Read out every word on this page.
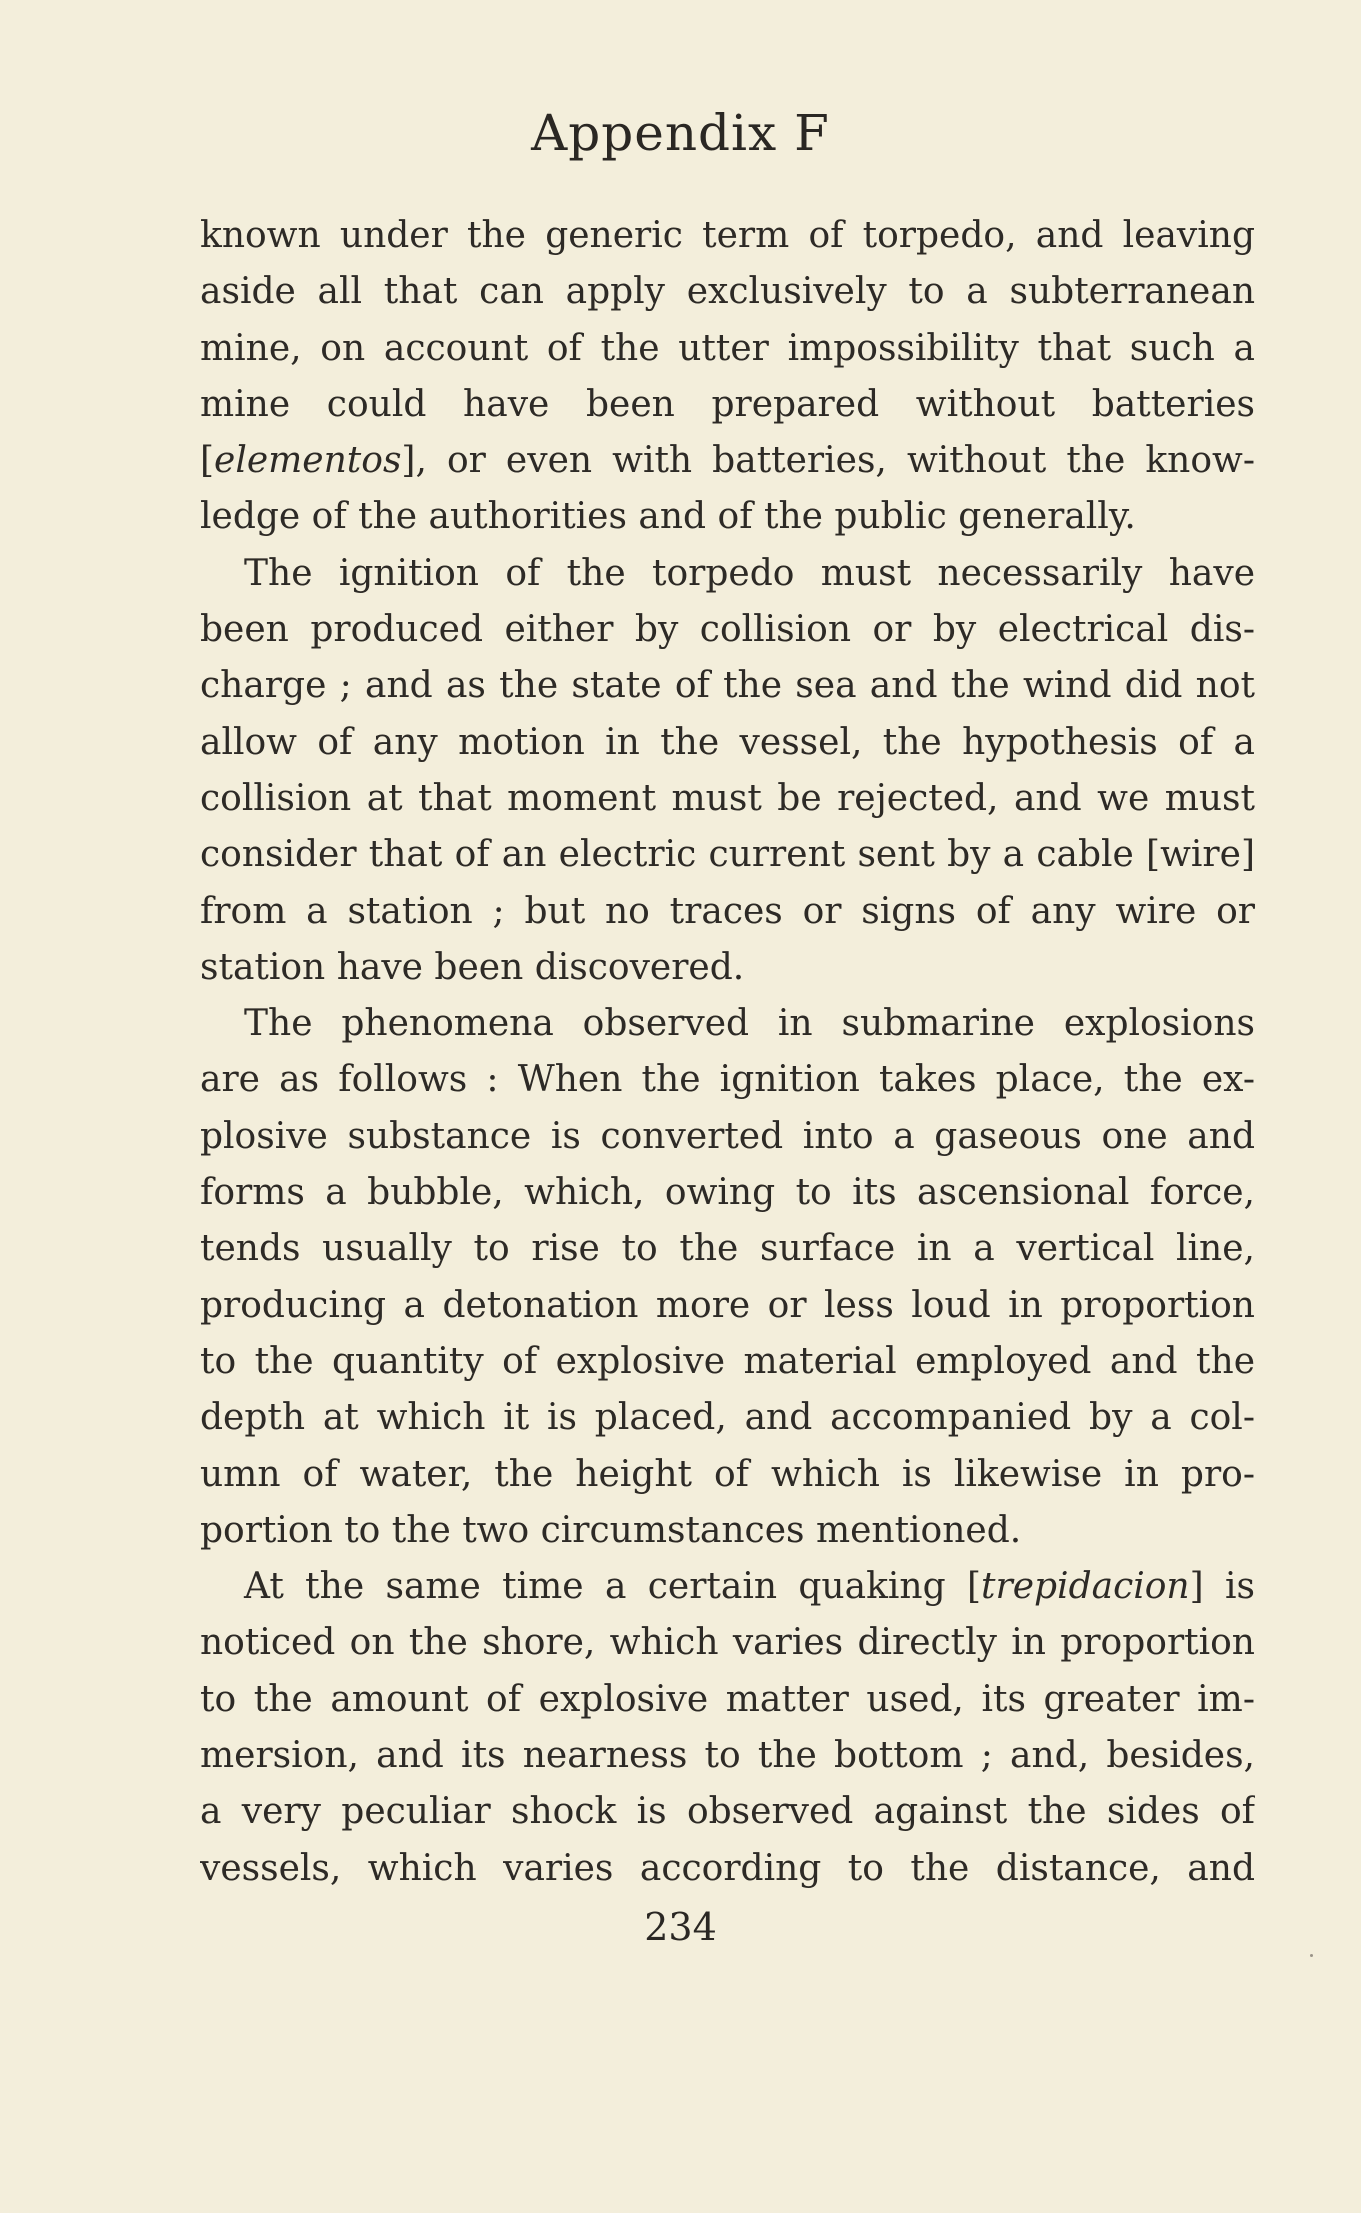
Appendix F
known under the generic term of torpedo, and leaving
aside all that can apply exclusively to a subterranean
mine, on account of the utter impossibility that such a
mine could have been prepared without batteries
[elementos], or even with batteries, without the know-
ledge of the authorities and of the public generally.
The ignition of the torpedo must necessarily have
been produced either by collision or by electrical dis-
charge ; and as the state of the sea and the wind did not
allow of any motion in the vessel, the hypothesis of a
collision at that moment must be rejected, and we must
consider that of an electric current sent by a cable [wire]
from a station ; but no traces or signs of any wire or
station have been discovered.
The phenomena observed in submarine explosions
are as follows : When the ignition takes place, the ex-
plosive substance is converted into a gaseous one and
forms a bubble, which, owing to its ascensional force,
tends usually to rise to the surface in a vertical line,
producing a detonation more or less loud in proportion
to the quantity of explosive material employed and the
depth at which it is placed, and accompanied by a col-
umn of water, the height of which is likewise in pro-
portion to the two circumstances mentioned.
At the same time a certain quaking [trepidacion] is
noticed on the shore, which varies directly in proportion
to the amount of explosive matter used, its greater im-
mersion, and its nearness to the bottom ; and, besides,
a very peculiar shock is observed against the sides of
vessels, which varies according to the distance, and
234
